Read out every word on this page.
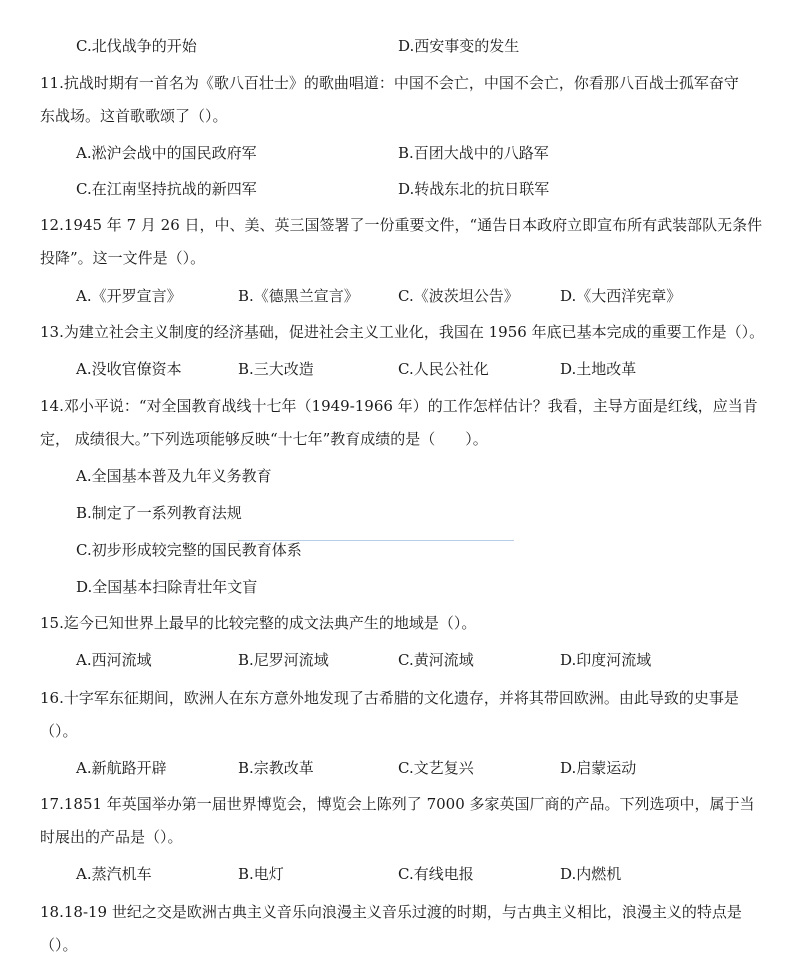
C.北伐战争的开始	D.西安事变的发生
11.抗战时期有一首名为《歌八百壮士》的歌曲唱道：中国不会亡，中国不会亡，你看那八百战士孤军奋守
东战场。这首歌歌颂了（）。
A.淞沪会战中的国民政府军	B.百团大战中的八路军
C.在江南坚持抗战的新四军	D.转战东北的抗日联军
12.1945 年 7 月 26 日，中、美、英三国签署了一份重要文件，“通告日本政府立即宣布所有武装部队无条件
投降”。这一文件是（）。
A.《开罗宣言》	B.《德黑兰宣言》	C.《波茨坦公告》	D.《大西洋宪章》
13.为建立社会主义制度的经济基础，促进社会主义工业化，我国在 1956 年底已基本完成的重要工作是（）。
A.没收官僚资本	B.三大改造	C.人民公社化	D.土地改革
14.邓小平说：“对全国教育战线十七年（1949-1966 年）的工作怎样估计？我看，主导方面是红线，应当肯
定， 成绩很大。”下列选项能够反映“十七年”教育成绩的是（　　）。
A.全国基本普及九年义务教育
B.制定了一系列教育法规
C.初步形成较完整的国民教育体系
D.全国基本扫除青壮年文盲
15.迄今已知世界上最早的比较完整的成文法典产生的地域是（）。
A.西河流域	B.尼罗河流域	C.黄河流域	D.印度河流域
16.十字军东征期间，欧洲人在东方意外地发现了古希腊的文化遗存，并将其带回欧洲。由此导致的史事是
（）。
A.新航路开辟	B.宗教改革	C.文艺复兴	D.启蒙运动
17.1851 年英国举办第一届世界博览会，博览会上陈列了 7000 多家英国厂商的产品。下列选项中，属于当
时展出的产品是（）。
A.蒸汽机车	B.电灯	C.有线电报	D.内燃机
18.18-19 世纪之交是欧洲古典主义音乐向浪漫主义音乐过渡的时期，与古典主义相比，浪漫主义的特点是
（）。
